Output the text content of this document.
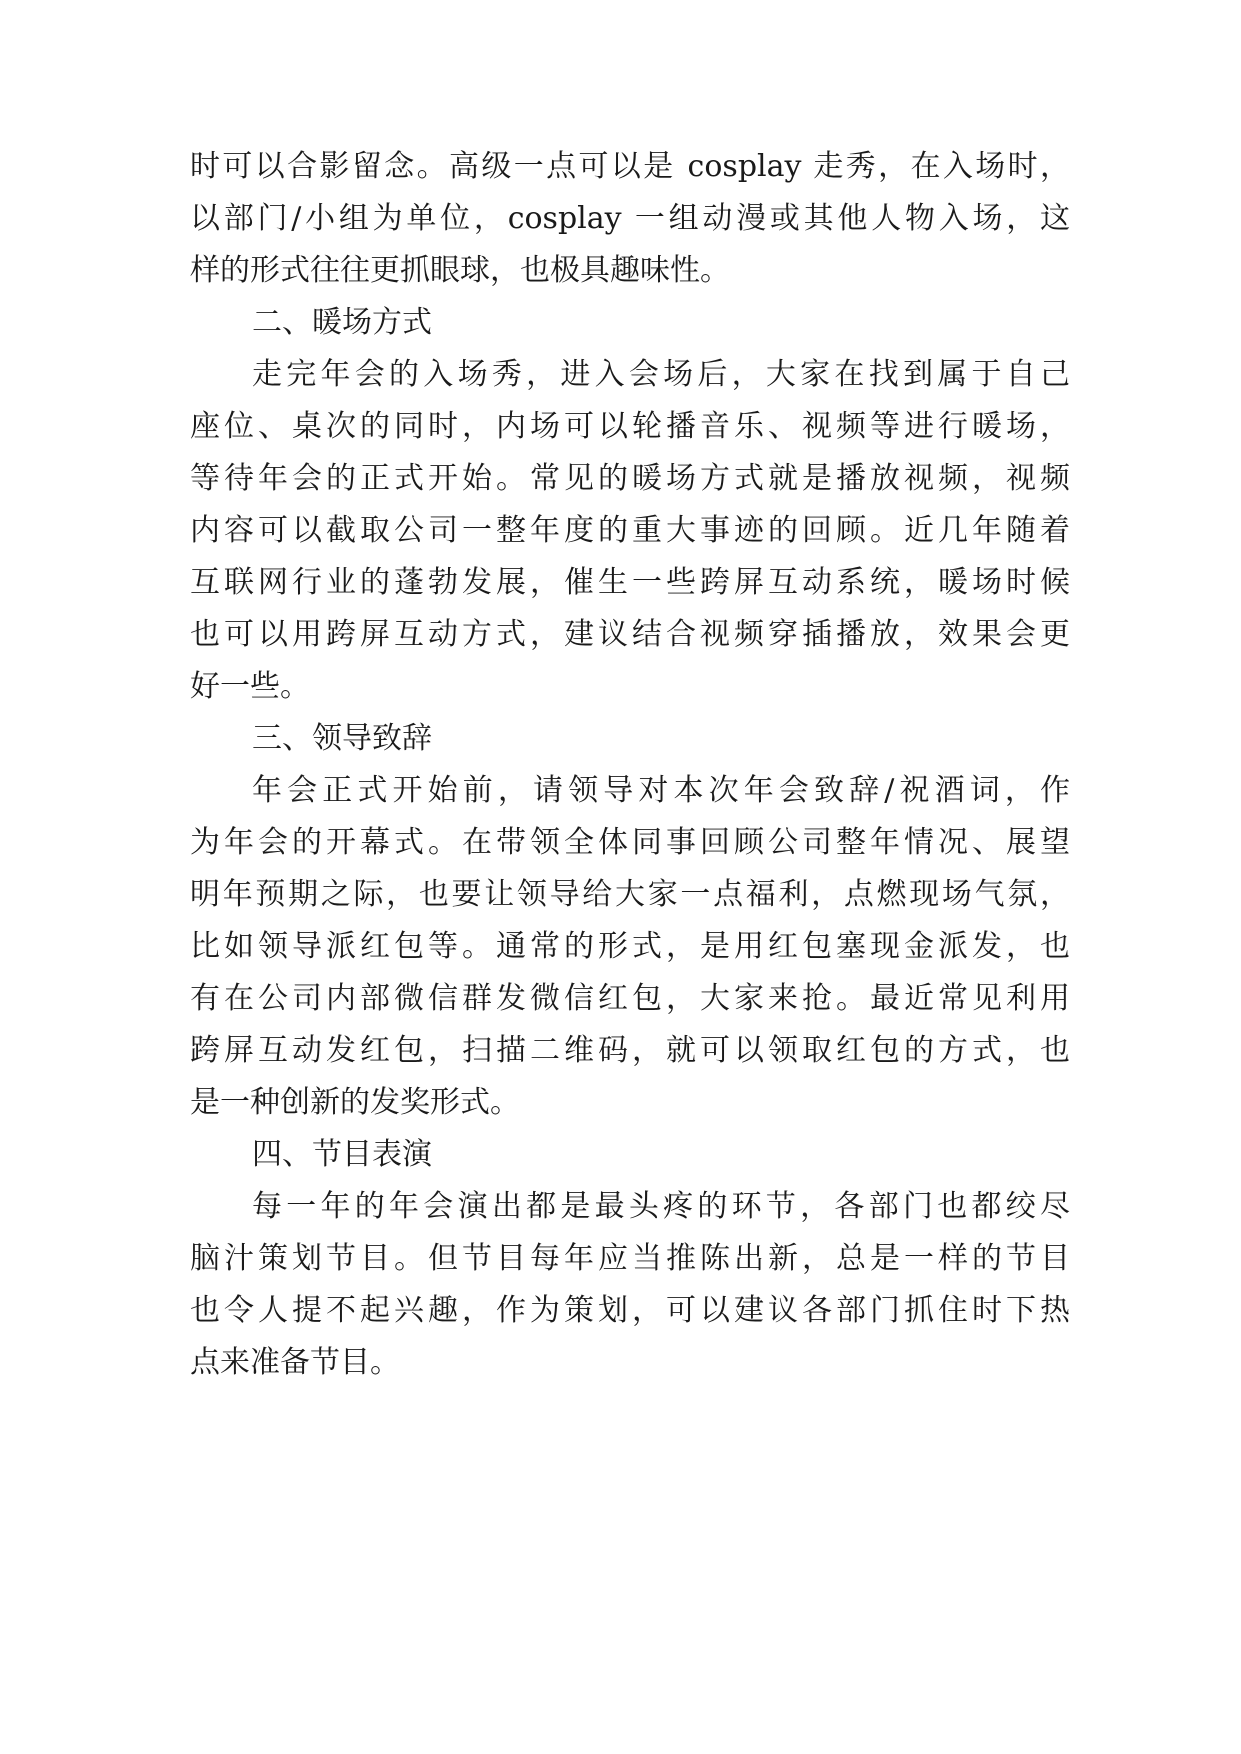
时可以合影留念。高级一点可以是 cosplay 走秀，在入场时，
以部门/小组为单位，cosplay 一组动漫或其他人物入场，这
样的形式往往更抓眼球，也极具趣味性。
二、暖场方式
走完年会的入场秀，进入会场后，大家在找到属于自己
座位、桌次的同时，内场可以轮播音乐、视频等进行暖场，
等待年会的正式开始。常见的暖场方式就是播放视频，视频
内容可以截取公司一整年度的重大事迹的回顾。近几年随着
互联网行业的蓬勃发展，催生一些跨屏互动系统，暖场时候
也可以用跨屏互动方式，建议结合视频穿插播放，效果会更
好一些。
三、领导致辞
年会正式开始前，请领导对本次年会致辞/祝酒词，作
为年会的开幕式。在带领全体同事回顾公司整年情况、展望
明年预期之际，也要让领导给大家一点福利，点燃现场气氛，
比如领导派红包等。通常的形式，是用红包塞现金派发，也
有在公司内部微信群发微信红包，大家来抢。最近常见利用
跨屏互动发红包，扫描二维码，就可以领取红包的方式，也
是一种创新的发奖形式。
四、节目表演
每一年的年会演出都是最头疼的环节，各部门也都绞尽
脑汁策划节目。但节目每年应当推陈出新，总是一样的节目
也令人提不起兴趣，作为策划，可以建议各部门抓住时下热
点来准备节目。
